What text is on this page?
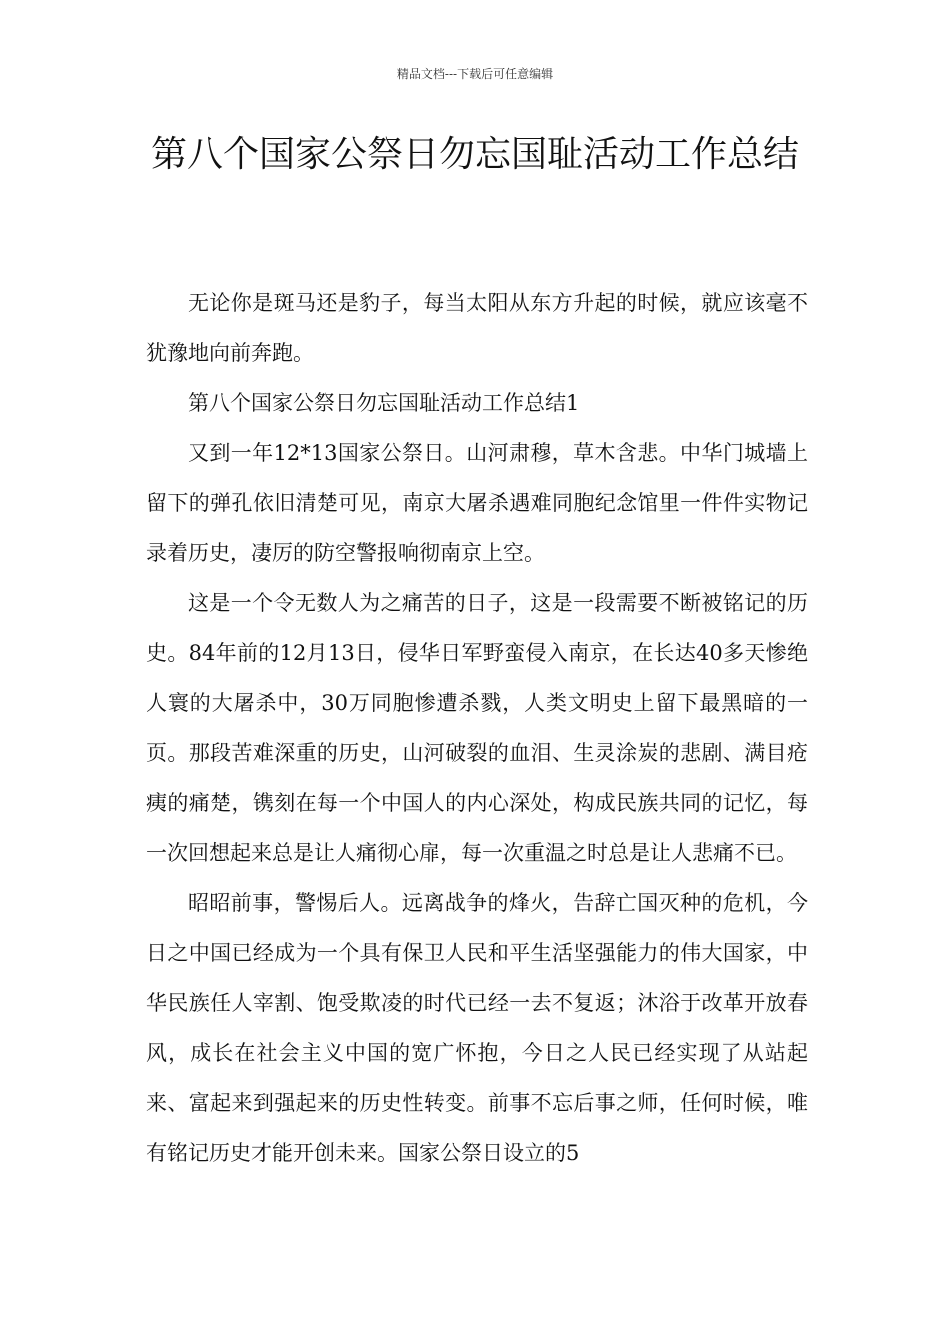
精品文档---下载后可任意编辑
第八个国家公祭日勿忘国耻活动工作总结

无论你是斑马还是豹子，每当太阳从东方升起的时候，就应该毫不犹豫地向前奔跑。

第八个国家公祭日勿忘国耻活动工作总结1

又到一年12*13国家公祭日。山河肃穆，草木含悲。中华门城墙上留下的弹孔依旧清楚可见，南京大屠杀遇难同胞纪念馆里一件件实物记录着历史，凄厉的防空警报响彻南京上空。

这是一个令无数人为之痛苦的日子，这是一段需要不断被铭记的历史。84年前的12月13日，侵华日军野蛮侵入南京，在长达40多天惨绝人寰的大屠杀中，30万同胞惨遭杀戮，人类文明史上留下最黑暗的一页。那段苦难深重的历史，山河破裂的血泪、生灵涂炭的悲剧、满目疮痍的痛楚，镌刻在每一个中国人的内心深处，构成民族共同的记忆，每一次回想起来总是让人痛彻心扉，每一次重温之时总是让人悲痛不已。

昭昭前事，警惕后人。远离战争的烽火，告辞亡国灭种的危机，今日之中国已经成为一个具有保卫人民和平生活坚强能力的伟大国家，中华民族任人宰割、饱受欺凌的时代已经一去不复返；沐浴于改革开放春风，成长在社会主义中国的宽广怀抱，今日之人民已经实现了从站起来、富起来到强起来的历史性转变。前事不忘后事之师，任何时候，唯有铭记历史才能开创未来。国家公祭日设立的5
